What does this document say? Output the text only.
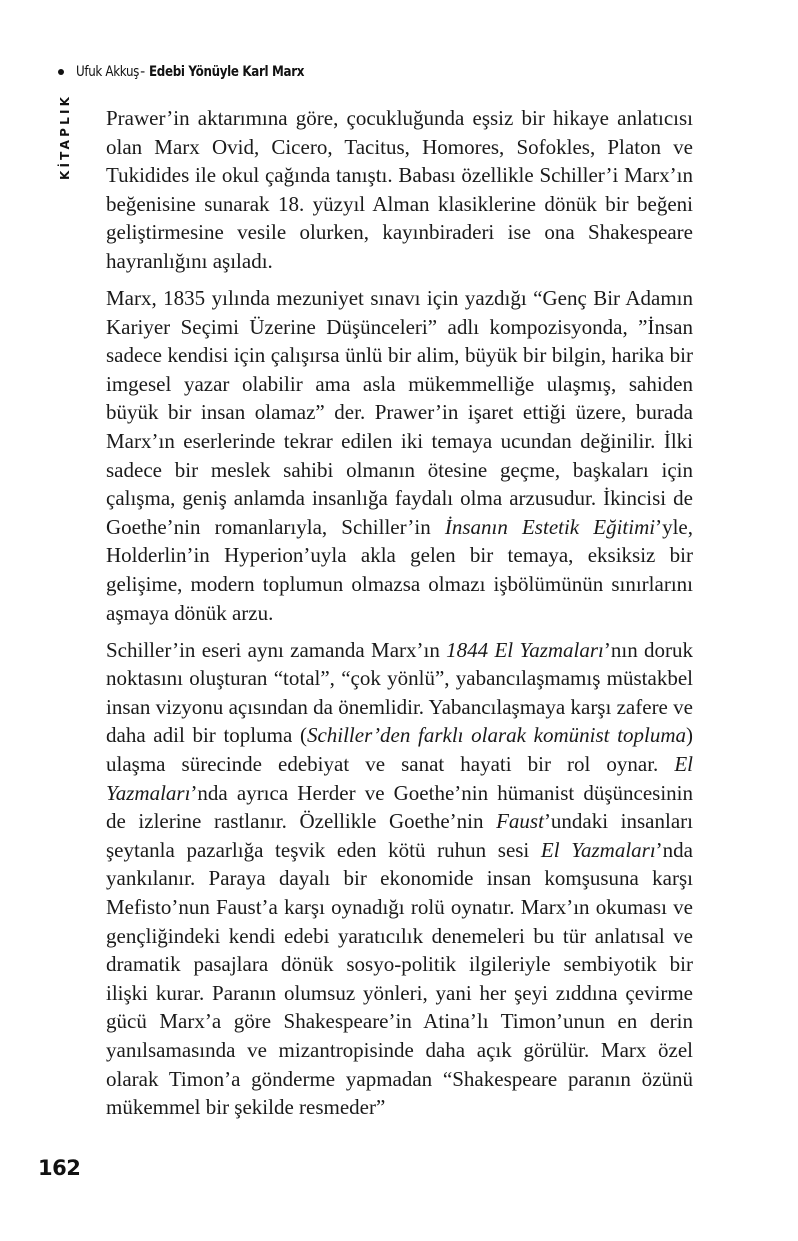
Ufuk Akkuş - Edebi Yönüyle Karl Marx
KİTAPLIK Prawer’in aktarımına göre, çocukluğunda eşsiz bir hikaye anlatıcısı olan Marx Ovid, Cicero, Tacitus, Homores, Sofokles, Platon ve Tukidides ile okul çağında tanıştı. Babası özellikle Schiller’i Marx’ın beğenisine sunarak 18. yüzyıl Alman klasiklerine dönük bir beğeni geliştirmesine vesile olurken, kayınbiraderi ise ona Shakespeare hayranlığını aşıladı.

Marx, 1835 yılında mezuniyet sınavı için yazdığı “Genç Bir Adamın Kariyer Seçimi Üzerine Düşünceleri” adlı kompozisyonda, ”İnsan sadece kendisi için çalışırsa ünlü bir alim, büyük bir bilgin, harika bir imgesel yazar olabilir ama asla mükemmelliğe ulaşmış, sahiden büyük bir insan olamaz” der. Prawer’in işaret ettiği üzere, burada Marx’ın eserlerinde tekrar edilen iki temaya ucundan değinilir. İlki sadece bir meslek sahibi olmanın ötesine geçme, başkaları için çalışma, geniş anlamda insanlığa faydalı olma arzusudur. İkincisi de Goethe’nin romanlarıyla, Schiller’in İnsanın Estetik Eğitimi’yle, Holderlin’in Hyperion’uyla akla gelen bir temaya, eksiksiz bir gelişime, modern toplumun olmazsa olmazı işbölümünün sınırlarını aşmaya dönük arzu.

Schiller’in eseri aynı zamanda Marx’ın 1844 El Yazmaları’nın doruk noktasını oluşturan “total”, “çok yönlü”, yabancılaşmamış müstakbel insan vizyonu açısından da önemlidir. Yabancılaşmaya karşı zafere ve daha adil bir topluma (Schiller’den farklı olarak komünist topluma) ulaşma sürecinde edebiyat ve sanat hayati bir rol oynar. El Yazmaları’nda ayrıca Herder ve Goethe’nin hümanist düşüncesinin de izlerine rastlanır. Özellikle Goethe’nin Faust’undaki insanları şeytanla pazarlığa teşvik eden kötü ruhun sesi El Yazmaları’nda yankılanır. Paraya dayalı bir ekonomide insan komşusuna karşı Mefisto’nun Faust’a karşı oynadığı rolü oynatır. Marx’ın okuması ve gençliğindeki kendi edebi yaratıcılık denemeleri bu tür anlatısal ve dramatik pasajlara dönük sosyo-politik ilgileriyle sembiyotik bir ilişki kurar. Paranın olumsuz yönleri, yani her şeyi zıddına çevirme gücü Marx’a göre Shakespeare’in Atina’lı Timon’unun en derin yanılsamasında ve mizantropisinde daha açık görülür. Marx özel olarak Timon’a gönderme yapmadan “Shakespeare paranın özünü mükemmel bir şekilde resmeder”

162
